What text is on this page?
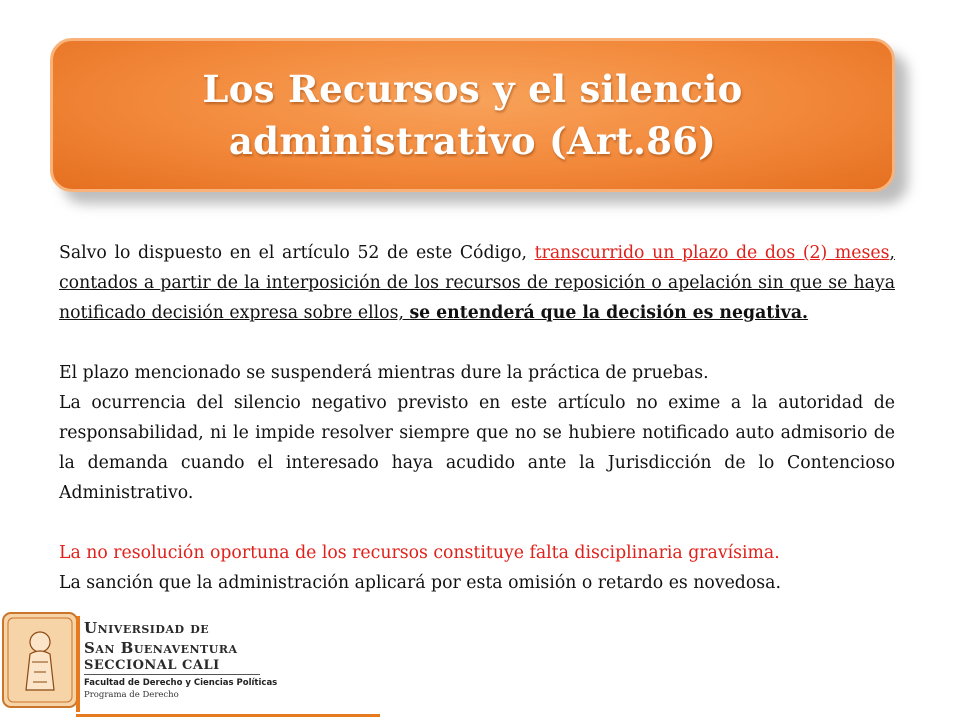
Los Recursos y el silencio
administrativo (Art.86)

Salvo lo dispuesto en el artículo 52 de este Código, transcurrido un plazo de dos (2) meses, contados a partir de la interposición de los recursos de reposición o apelación sin que se haya notificado decisión expresa sobre ellos, se entenderá que la decisión es negativa.

El plazo mencionado se suspenderá mientras dure la práctica de pruebas.

La ocurrencia del silencio negativo previsto en este artículo no exime a la autoridad de responsabilidad, ni le impide resolver siempre que no se hubiere notificado auto admisorio de la demanda cuando el interesado haya acudido ante la Jurisdicción de lo Contencioso Administrativo.

La no resolución oportuna de los recursos constituye falta disciplinaria gravísima.

La sanción que la administración aplicará por esta omisión o retardo es novedosa.

Universidad de
San Buenaventura
SECCIONAL CALI
Facultad de Derecho y Ciencias Políticas
Programa de Derecho
